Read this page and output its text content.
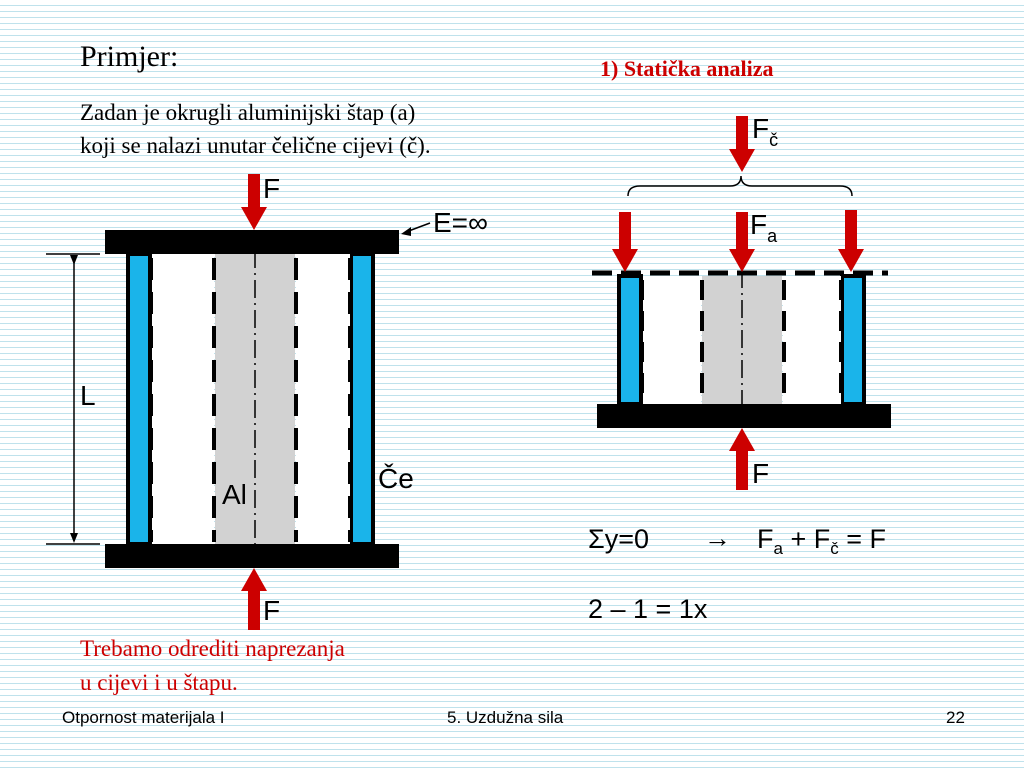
Primjer:	1) Statička analiza
Zadan je okrugli aluminijski štap (a)
koji se nalazi unutar čelične cijevi (č).
Trebamo odrediti naprezanja
u cijevi i u štapu.
Otpornost materijala I	5. Uzdužna sila	22
F
F
E=∞
L
Al
Če
$F_č$
$F_a$
F
$\Sigma y=0 \to F_a + F_č = F$
2 – 1 = 1x
